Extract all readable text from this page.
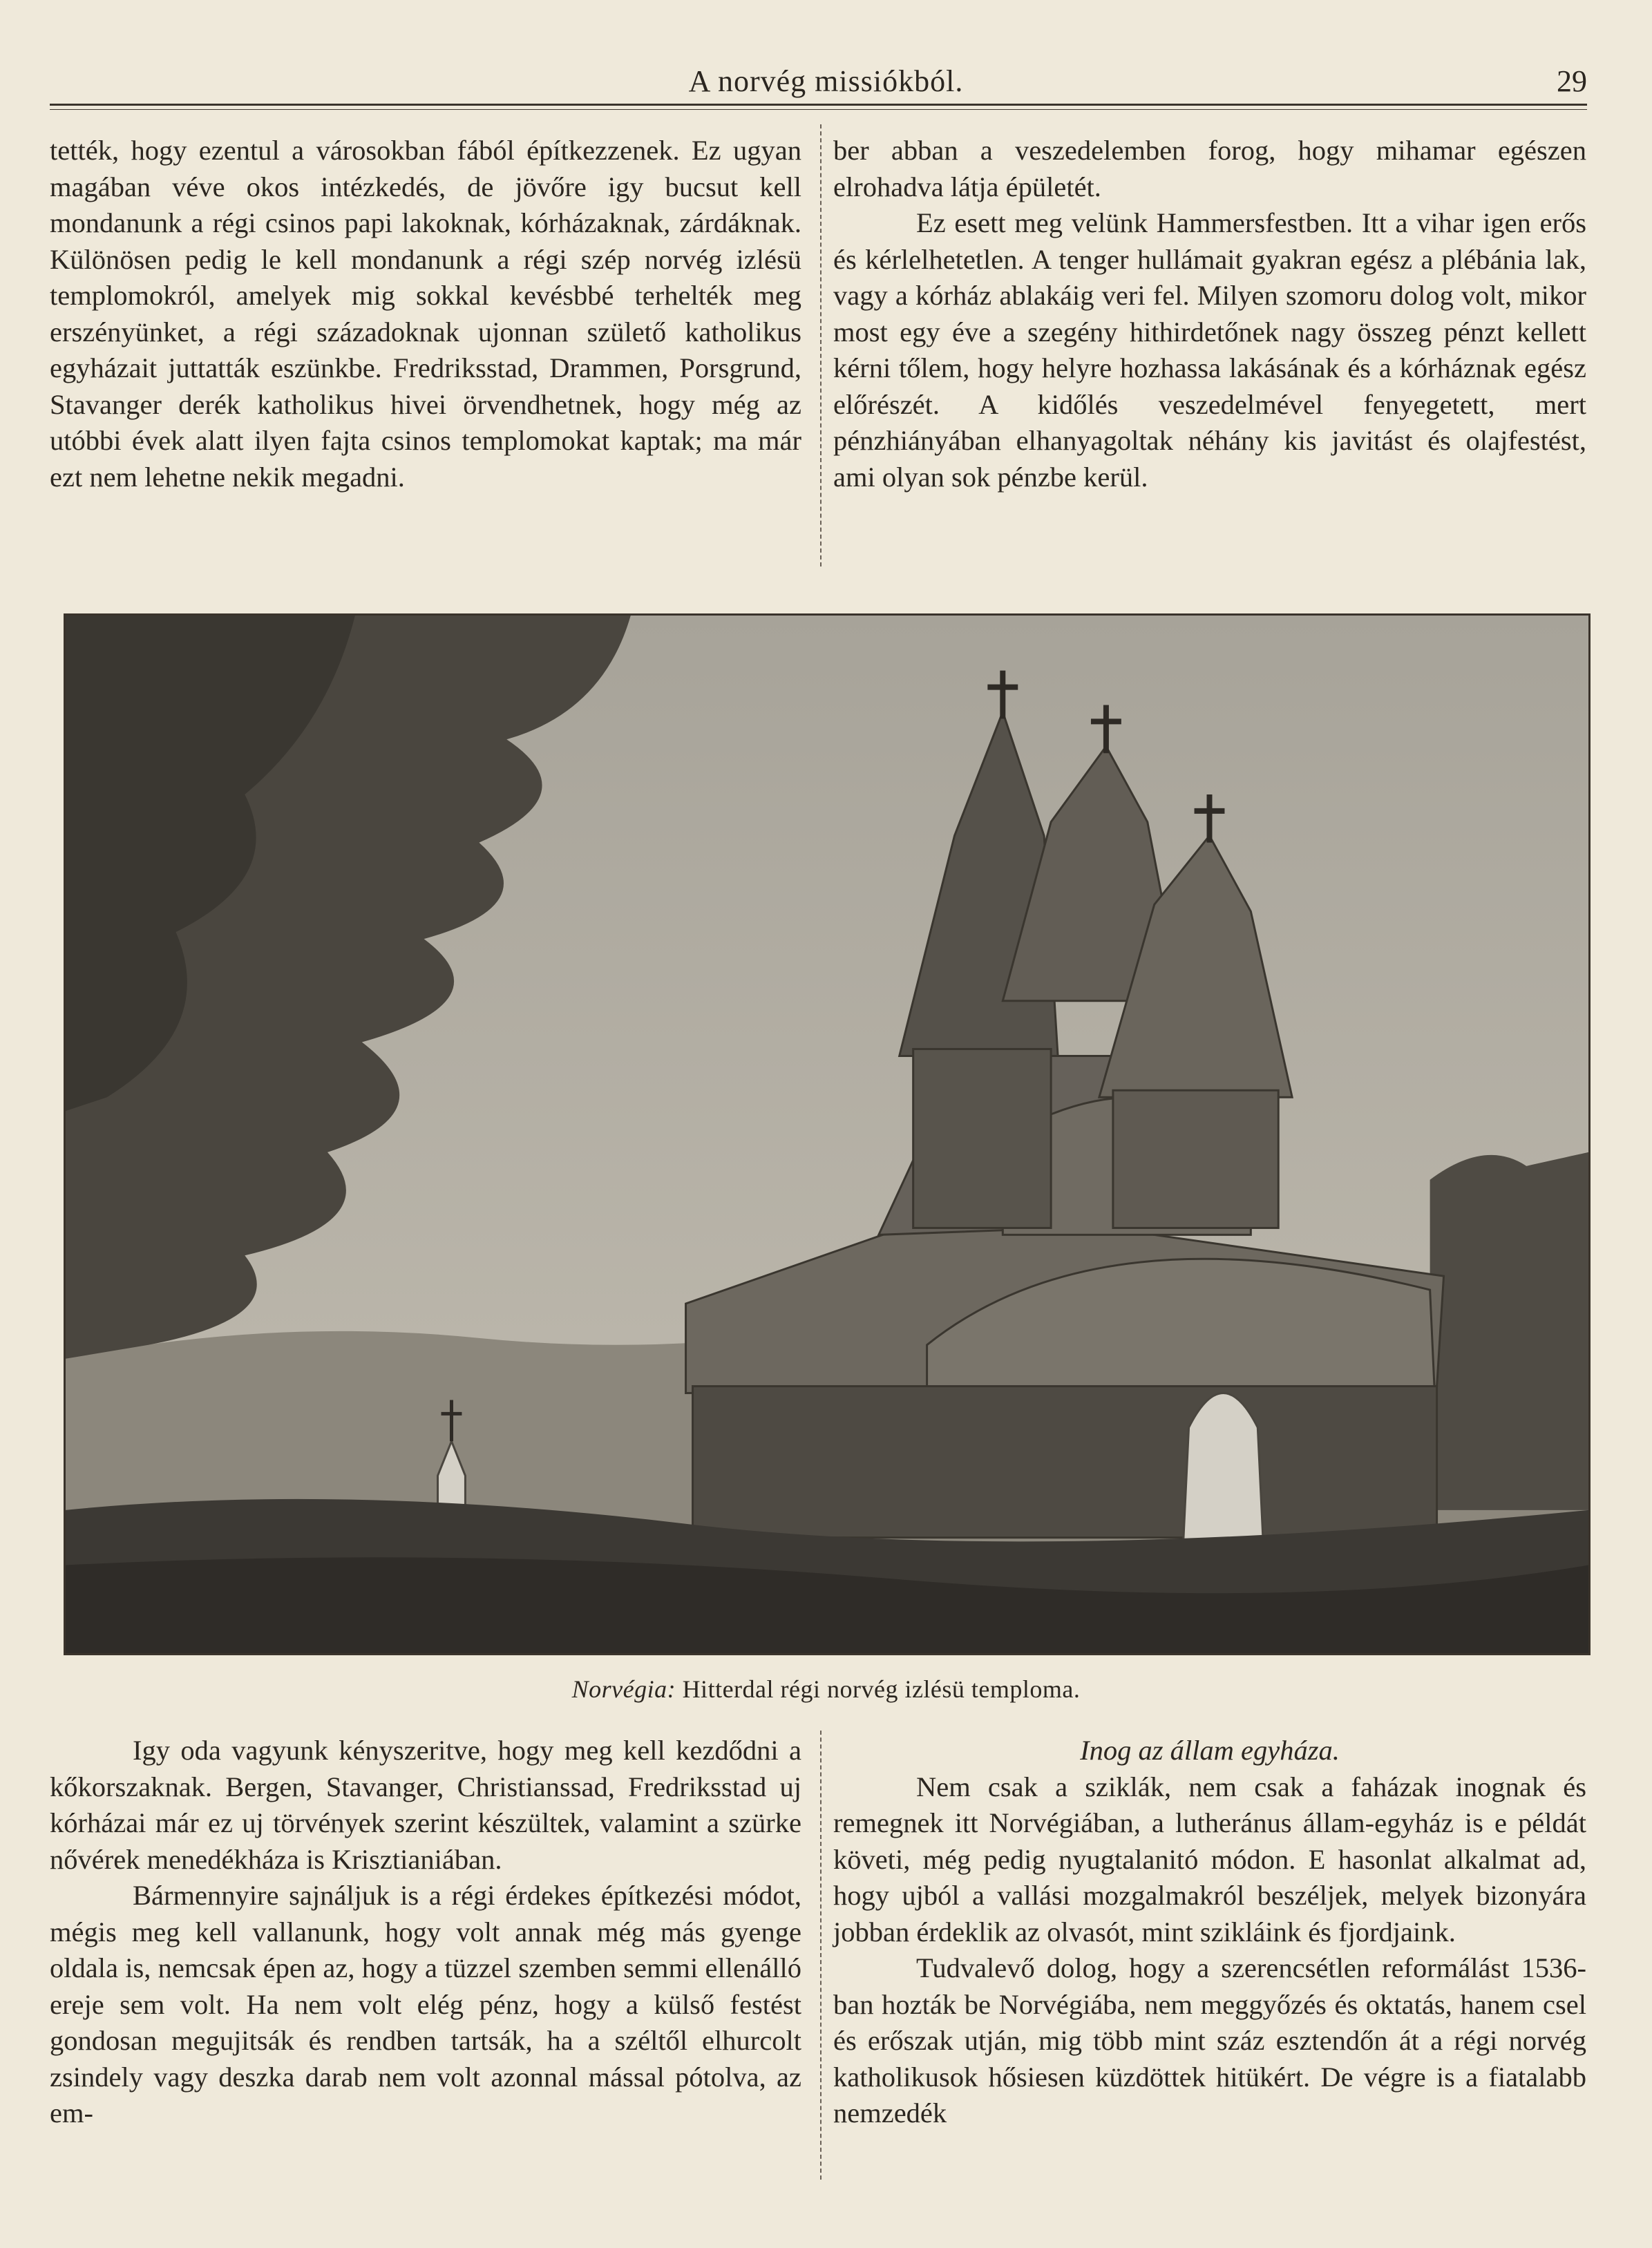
A norvég missiókból.	29

tették, hogy ezentul a városokban fából építkezzenek. Ez ugyan magában véve okos intézkedés, de jövőre igy bucsut kell mondanunk a régi csinos papi lakoknak, kórházaknak, zárdáknak. Különösen pedig le kell mondanunk a régi szép norvég izlésü templomokról, amelyek mig sokkal kevésbbé terhelték meg erszényünket, a régi századoknak ujonnan születő katholikus egyházait juttatták eszünkbe. Fredriksstad, Drammen, Porsgrund, Stavanger derék katholikus hivei örvendhetnek, hogy még az utóbbi évek alatt ilyen fajta csinos templomokat kaptak; ma már ezt nem lehetne nekik megadni.

ber abban a veszedelemben forog, hogy mihamar egészen elrohadva látja épületét.

Ez esett meg velünk Hammersfestben. Itt a vihar igen erős és kérlelhetetlen. A tenger hullámait gyakran egész a plébánia lak, vagy a kórház ablakáig veri fel. Milyen szomoru dolog volt, mikor most egy éve a szegény hithirdetőnek nagy összeg pénzt kellett kérni tőlem, hogy helyre hozhassa lakásának és a kórháznak egész előrészét. A kidőlés veszedelmével fenyegetett, mert pénzhiányában elhanyagoltak néhány kis javitást és olajfestést, ami olyan sok pénzbe kerül.

Norvégia: Hitterdal régi norvég izlésü temploma.

Igy oda vagyunk kényszeritve, hogy meg kell kezdődni a kőkorszaknak. Bergen, Stavanger, Christianssad, Fredriksstad uj kórházai már ez uj törvények szerint készültek, valamint a szürke nővérek menedékháza is Krisztianiában.

Bármennyire sajnáljuk is a régi érdekes építkezési módot, mégis meg kell vallanunk, hogy volt annak még más gyenge oldala is, nemcsak épen az, hogy a tüzzel szemben semmi ellenálló ereje sem volt. Ha nem volt elég pénz, hogy a külső festést gondosan megujitsák és rendben tartsák, ha a széltől elhurcolt zsindely vagy deszka darab nem volt azonnal mással pótolva, az em-

Inog az állam egyháza.

Nem csak a sziklák, nem csak a faházak inognak és remegnek itt Norvégiában, a lutheránus állam-egyház is e példát követi, még pedig nyugtalanitó módon. E hasonlat alkalmat ad, hogy ujból a vallási mozgalmakról beszéljek, melyek bizonyára jobban érdeklik az olvasót, mint szikláink és fjordjaink.

Tudvalevő dolog, hogy a szerencsétlen reformálást 1536-ban hozták be Norvégiába, nem meggyőzés és oktatás, hanem csel és erőszak utján, mig több mint száz esztendőn át a régi norvég katholikusok hősiesen küzdöttek hitükért. De végre is a fiatalabb nemzedék
